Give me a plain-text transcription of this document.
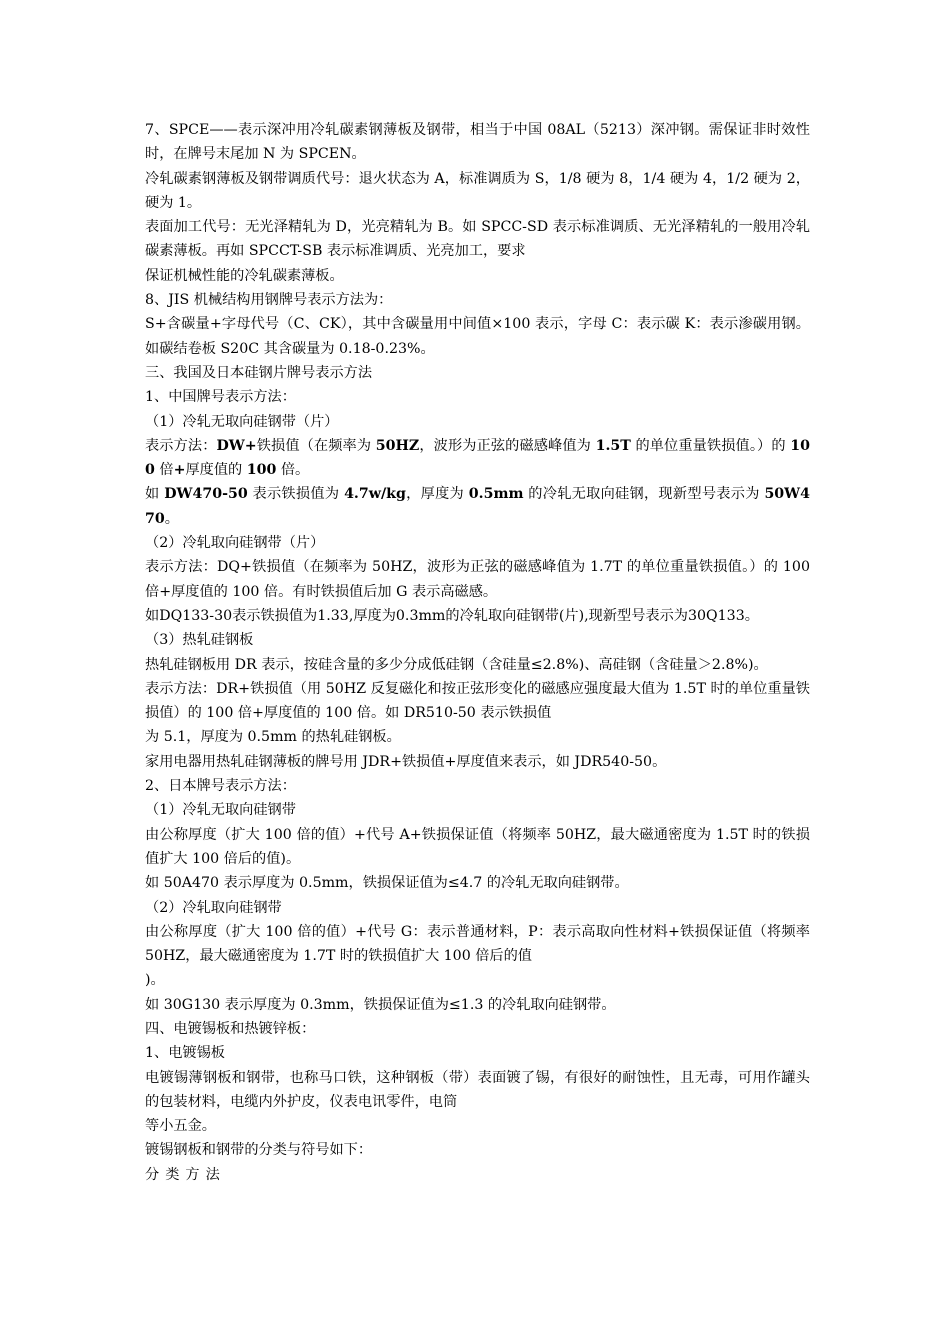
7、SPCE——表示深冲用冷轧碳素钢薄板及钢带，相当于中国 08AL（5213）深冲钢。需保证非时效性时，在牌号末尾加 N 为 SPCEN。

冷轧碳素钢薄板及钢带调质代号：退火状态为 A，标准调质为 S，1/8 硬为 8，1/4 硬为 4，1/2 硬为 2，硬为 1。

表面加工代号：无光泽精轧为 D，光亮精轧为 B。如 SPCC-SD 表示标准调质、无光泽精轧的一般用冷轧碳素薄板。再如 SPCCT-SB 表示标准调质、光亮加工，要求

保证机械性能的冷轧碳素薄板。

8、JIS 机械结构用钢牌号表示方法为：

S+含碳量+字母代号（C、CK），其中含碳量用中间值×100 表示，字母 C：表示碳 K：表示渗碳用钢。如碳结卷板 S20C 其含碳量为 0.18-0.23%。

三、我国及日本硅钢片牌号表示方法

1、中国牌号表示方法：

（1）冷轧无取向硅钢带（片）

表示方法：DW+铁损值（在频率为 50HZ，波形为正弦的磁感峰值为 1.5T 的单位重量铁损值。）的 100 倍+厚度值的 100 倍。

如 DW470-50 表示铁损值为 4.7w/kg，厚度为 0.5mm 的冷轧无取向硅钢，现新型号表示为 50W470。

（2）冷轧取向硅钢带（片）

表示方法：DQ+铁损值（在频率为 50HZ，波形为正弦的磁感峰值为 1.7T 的单位重量铁损值。）的 100 倍+厚度值的 100 倍。有时铁损值后加 G 表示高磁感。

如DQ133-30表示铁损值为1.33,厚度为0.3mm的冷轧取向硅钢带(片),现新型号表示为30Q133。

（3）热轧硅钢板

热轧硅钢板用 DR 表示，按硅含量的多少分成低硅钢（含硅量≤2.8%)、高硅钢（含硅量＞2.8%)。

表示方法：DR+铁损值（用 50HZ 反复磁化和按正弦形变化的磁感应强度最大值为 1.5T 时的单位重量铁损值）的 100 倍+厚度值的 100 倍。如 DR510-50 表示铁损值

为 5.1，厚度为 0.5mm 的热轧硅钢板。

家用电器用热轧硅钢薄板的牌号用 JDR+铁损值+厚度值来表示，如 JDR540-50。

2、日本牌号表示方法：

（1）冷轧无取向硅钢带

由公称厚度（扩大 100 倍的值）+代号 A+铁损保证值（将频率 50HZ，最大磁通密度为 1.5T 时的铁损值扩大 100 倍后的值)。

如 50A470 表示厚度为 0.5mm，铁损保证值为≤4.7 的冷轧无取向硅钢带。

（2）冷轧取向硅钢带

由公称厚度（扩大 100 倍的值）+代号 G：表示普通材料，P：表示高取向性材料+铁损保证值（将频率 50HZ，最大磁通密度为 1.7T 时的铁损值扩大 100 倍后的值

)。

如 30G130 表示厚度为 0.3mm，铁损保证值为≤1.3 的冷轧取向硅钢带。

四、电镀锡板和热镀锌板：

1、电镀锡板

电镀锡薄钢板和钢带，也称马口铁，这种钢板（带）表面镀了锡，有很好的耐蚀性，且无毒，可用作罐头的包装材料，电缆内外护皮，仪表电讯零件，电筒

等小五金。

镀锡钢板和钢带的分类与符号如下：

分类方法
